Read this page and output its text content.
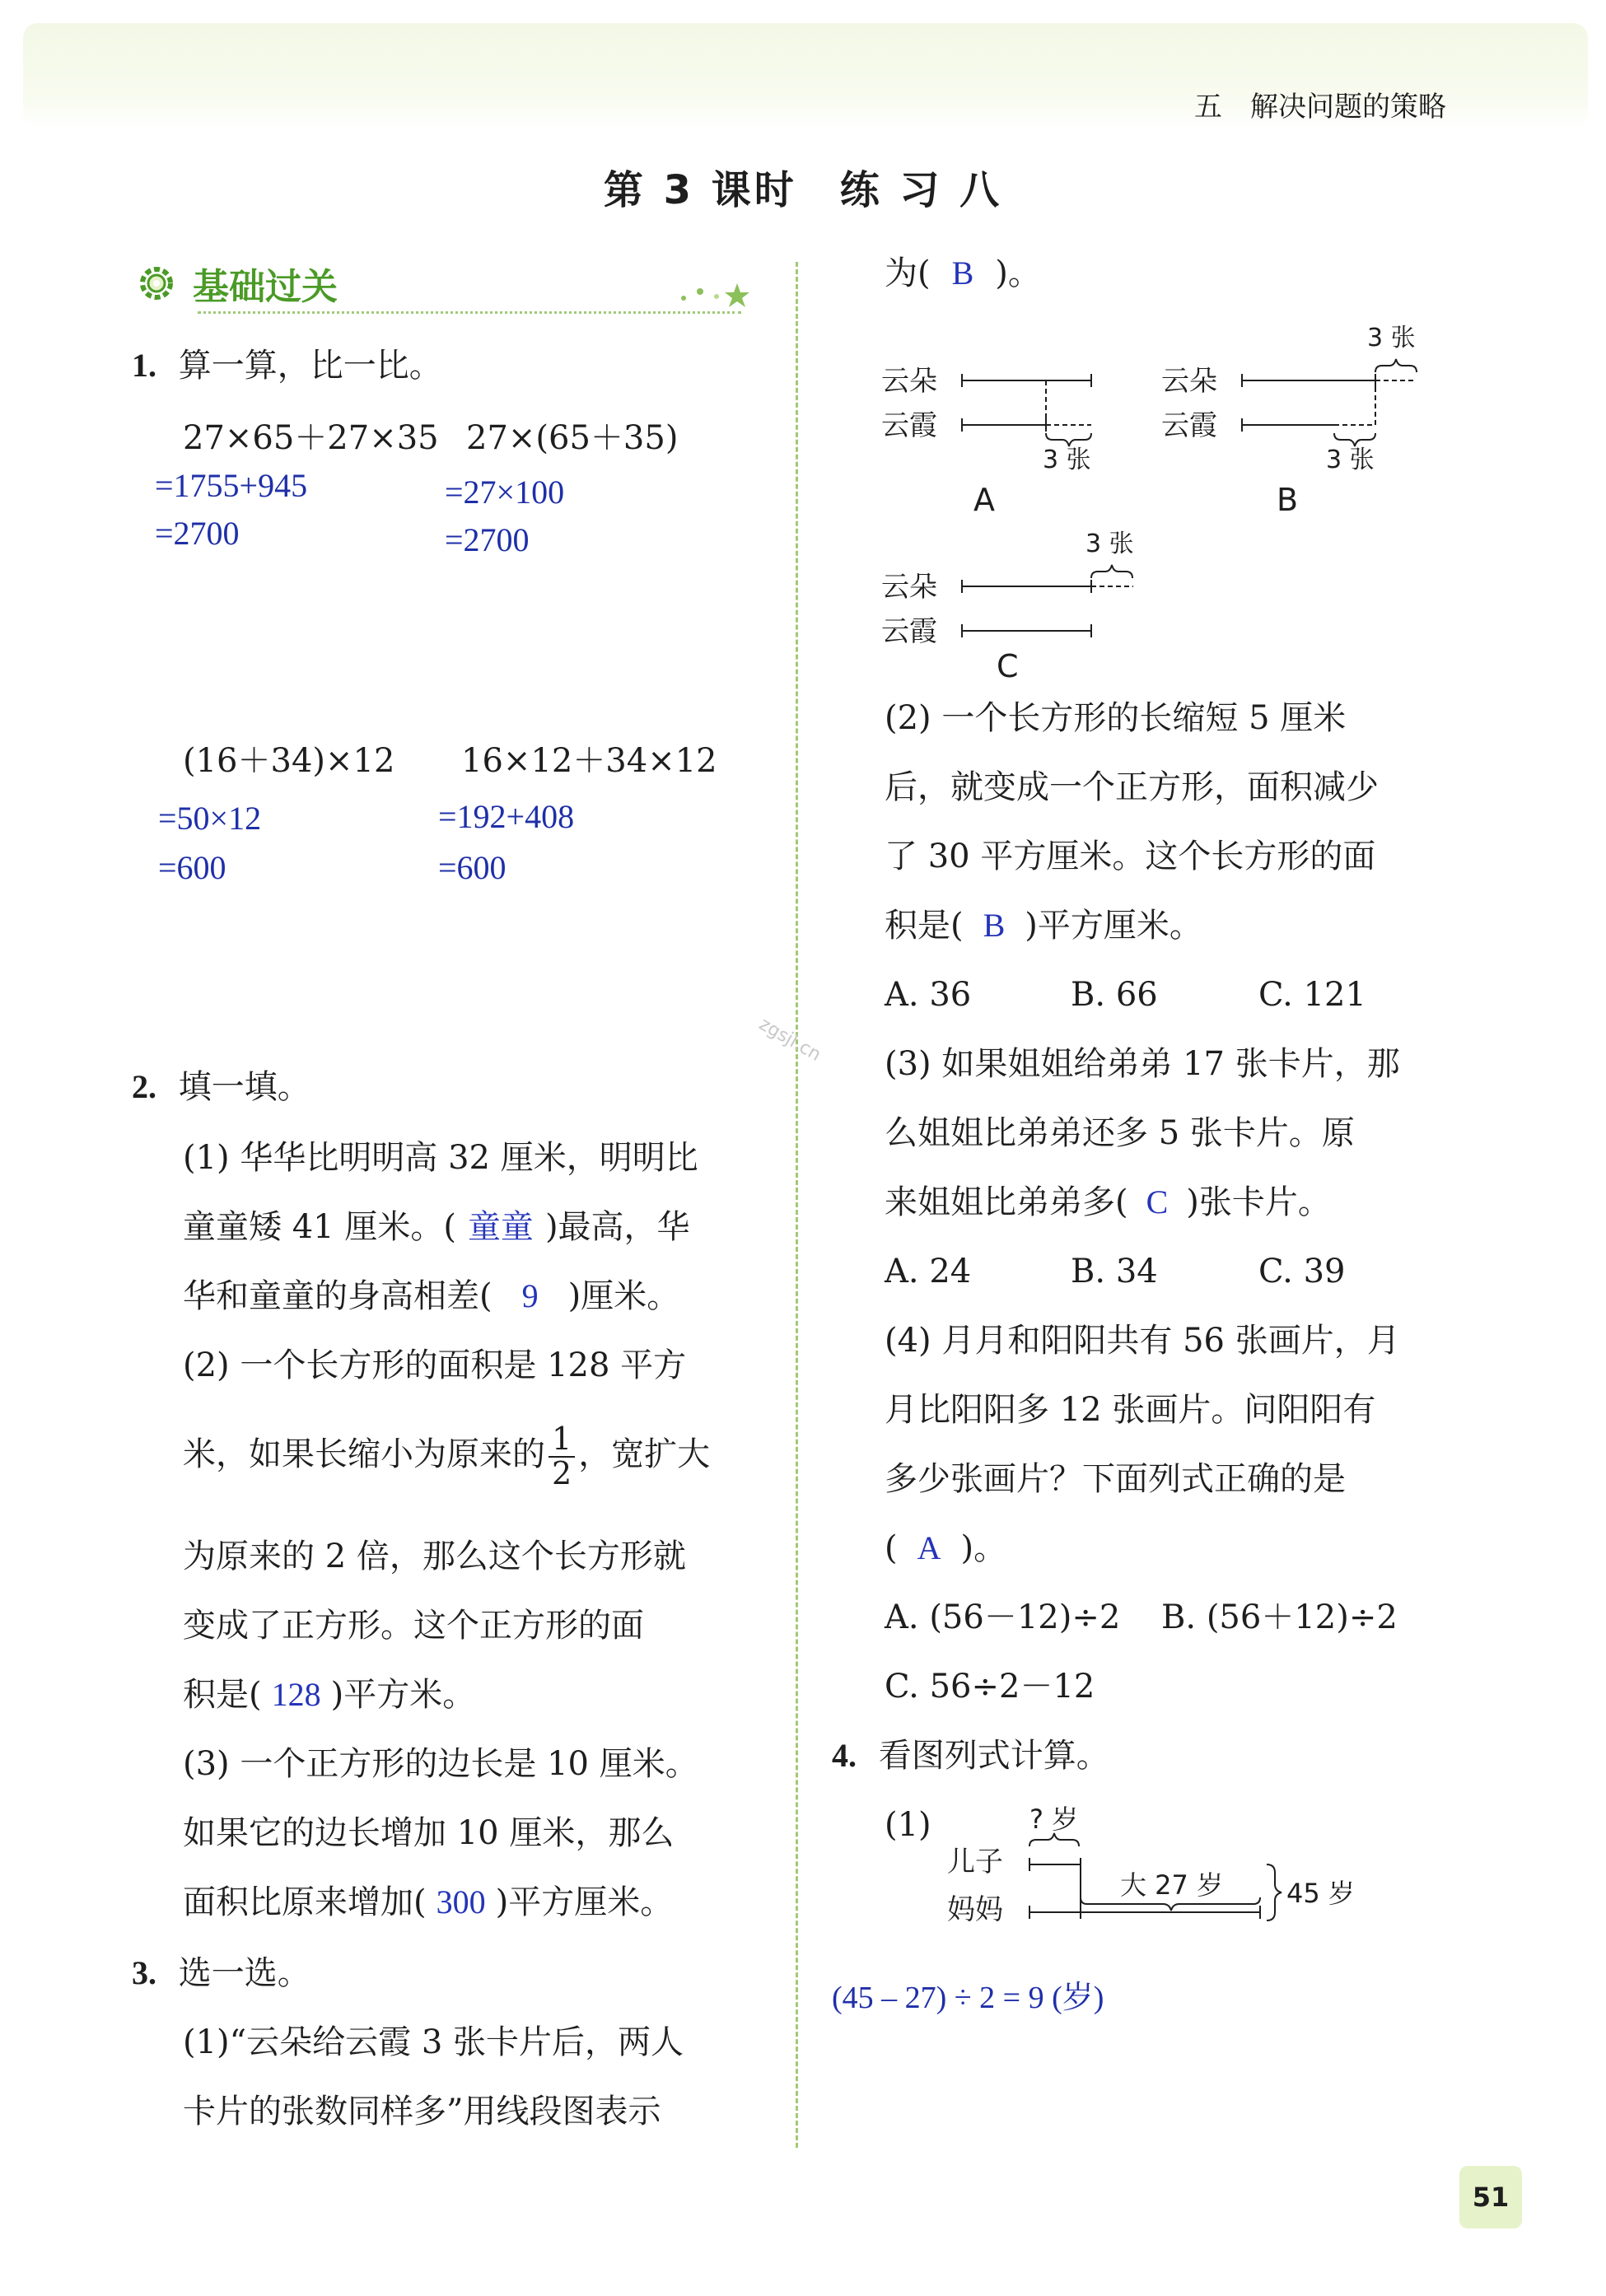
五　解决问题的策略
第 3 课时　练 习 八
基础过关
1. 算一算，比一比。
27×65＋27×35 27×(65＋35)
=1755+945
=2700
=27×100
=2700
(16＋34)×12 16×12＋34×12
=50×12
=600
=192+408
=600
2. 填一填。
(1) 华华比明明高 32 厘米，明明比
童童矮 41 厘米。( 童童 )最高，华
华和童童的身高相差( 9 )厘米。
(2) 一个长方形的面积是 128 平方
米，如果长缩小为原来的 $\frac{1}{2}$ ，宽扩大
为原来的 2 倍，那么这个长方形就
变成了正方形。这个正方形的面
积是( 128 )平方米。
(3) 一个正方形的边长是 10 厘米。
如果它的边长增加 10 厘米，那么
面积比原来增加( 300 )平方厘米。
3. 选一选。
(1)“云朵给云霞 3 张卡片后，两人
卡片的张数同样多”用线段图表示
为( B )。
云朵
云霞
3 张
A
云朵
云霞
3 张
3 张
B
云朵
云霞
3 张
C
(2) 一个长方形的长缩短 5 厘米
后，就变成一个正方形，面积减少
了 30 平方厘米。这个长方形的面
积是( B )平方厘米。
A. 36	B. 66	C. 121
(3) 如果姐姐给弟弟 17 张卡片，那
么姐姐比弟弟还多 5 张卡片。原
来姐姐比弟弟多( C )张卡片。
A. 24	B. 34	C. 39
(4) 月月和阳阳共有 56 张画片，月
月比阳阳多 12 张画片。问阳阳有
多少张画片？下面列式正确的是
( A )。
A. (56－12)÷2 B. (56＋12)÷2
C. 56÷2－12
4. 看图列式计算。
(1)	? 岁
儿子
妈妈
大 27 岁 45 岁
(45 – 27) ÷ 2 = 9 (岁)
zgsjl.cn
51
